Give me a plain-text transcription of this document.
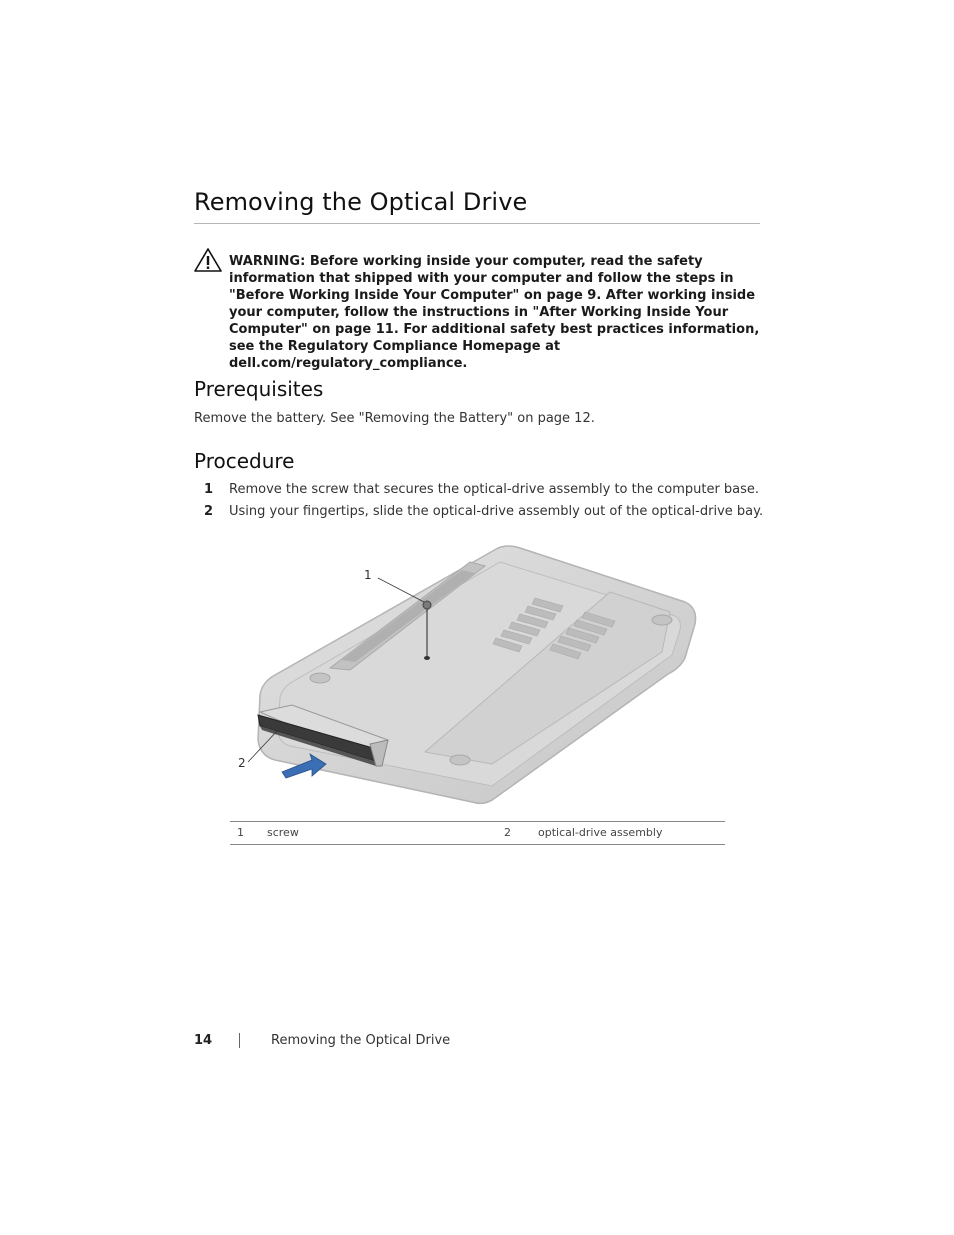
Removing the Optical Drive
WARNING: Before working inside your computer, read the safety information that shipped with your computer and follow the steps in "Before Working Inside Your Computer" on page 9. After working inside your computer, follow the instructions in "After Working Inside Your Computer" on page 11. For additional safety best practices information, see the Regulatory Compliance Homepage at dell.com/regulatory_compliance.
Prerequisites
Remove the battery. See "Removing the Battery" on page 12.
Procedure
1 Remove the screw that secures the optical-drive assembly to the computer base.
2 Using your fingertips, slide the optical-drive assembly out of the optical-drive bay.
1
2
1 screw	2 optical-drive assembly
14	Removing the Optical Drive
